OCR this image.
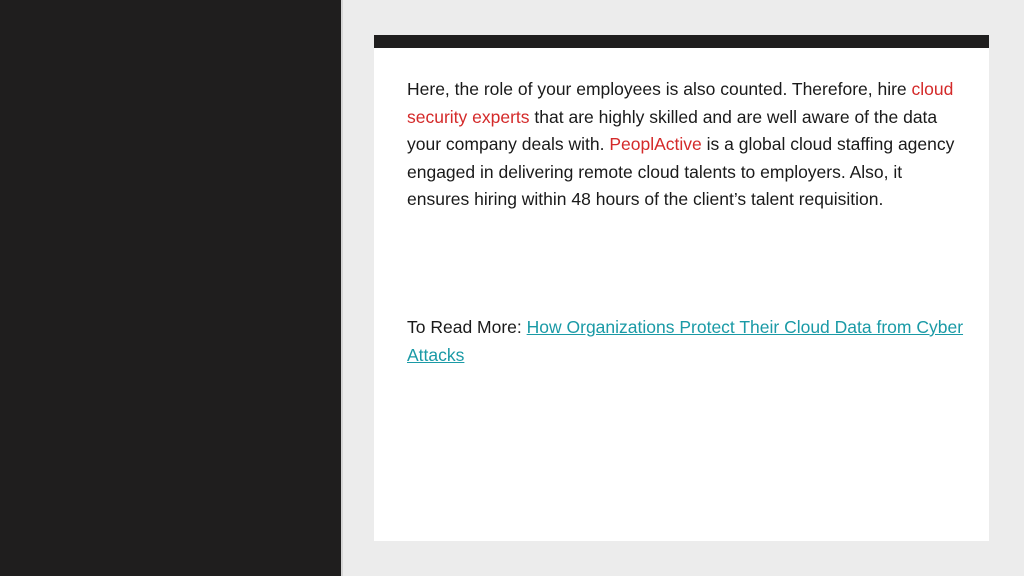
Here, the role of your employees is also counted. Therefore, hire cloud security experts that are highly skilled and are well aware of the data your company deals with. PeoplActive is a global cloud staffing agency engaged in delivering remote cloud talents to employers. Also, it ensures hiring within 48 hours of the client’s talent requisition.

To Read More: How Organizations Protect Their Cloud Data from Cyber Attacks
